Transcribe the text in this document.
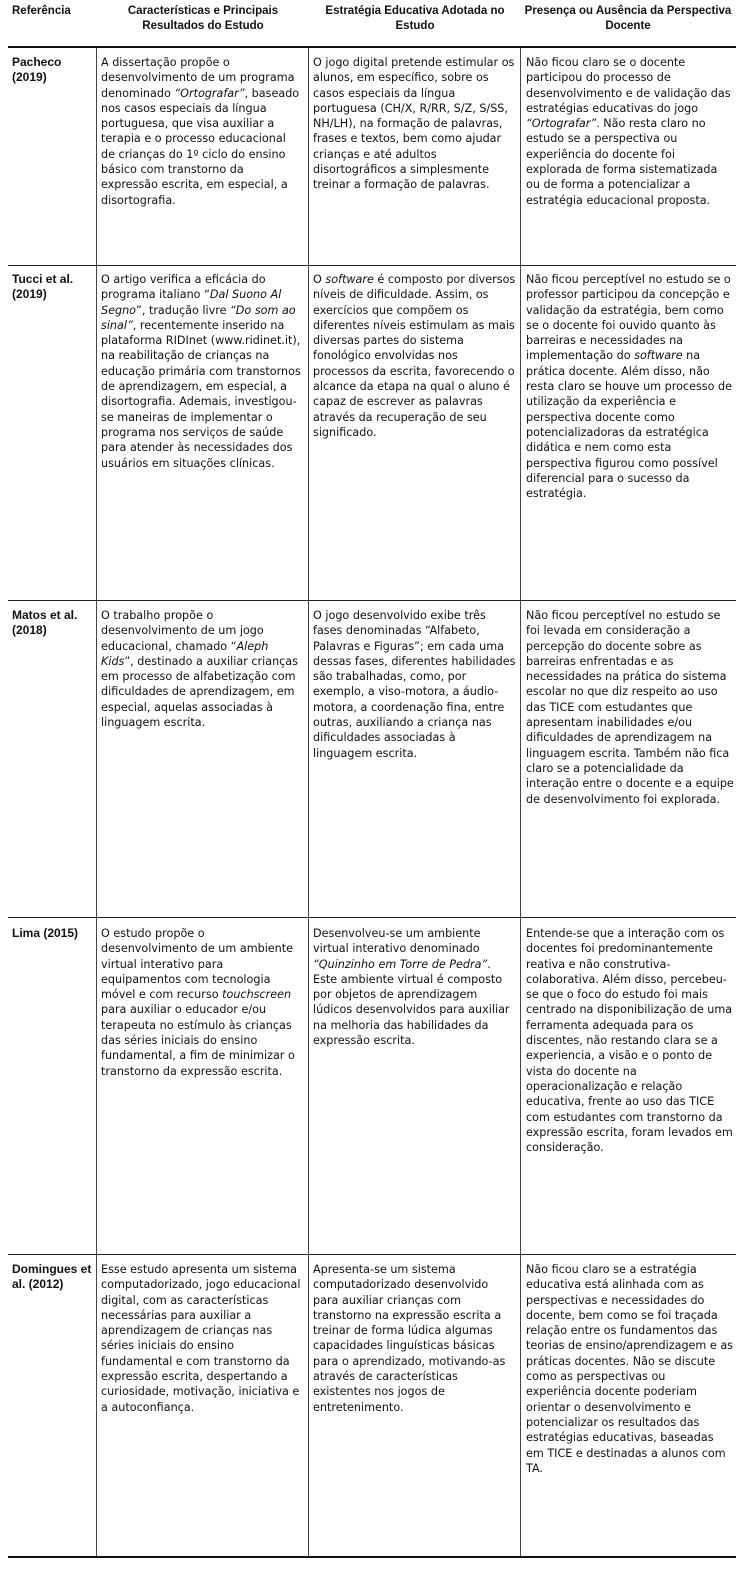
Referência	Características e Principais Resultados do Estudo
Estratégia Educativa Adotada no Estudo
Presença ou Ausência da Perspectiva Docente
Pacheco (2019)
A dissertação propõe o desenvolvimento de um programa denominado “Ortografar”, baseado nos casos especiais da língua portuguesa, que visa auxiliar a terapia e o processo educacional de crianças do 1º ciclo do ensino básico com transtorno da expressão escrita, em especial, a disortografia.
O jogo digital pretende estimular os alunos, em específico, sobre os casos especiais da língua portuguesa (CH/X, R/RR, S/Z, S/SS, NH/LH), na formação de palavras, frases e textos, bem como ajudar crianças e até adultos disortográficos a simplesmente treinar a formação de palavras.
Não ficou claro se o docente participou do processo de desenvolvimento e de validação das estratégias educativas do jogo “Ortografar”. Não resta claro no estudo se a perspectiva ou experiência do docente foi explorada de forma sistematizada ou de forma a potencializar a estratégia educacional proposta.
Tucci et al. (2019)
O artigo verifica a eficácia do programa italiano “Dal Suono Al Segno”, tradução livre “Do som ao sinal”, recentemente inserido na plataforma RIDInet (www.ridinet.it), na reabilitação de crianças na educação primária com transtornos de aprendizagem, em especial, a disortografia. Ademais, investigou-se maneiras de implementar o programa nos serviços de saúde para atender às necessidades dos usuários em situações clínicas.
O software é composto por diversos níveis de dificuldade. Assim, os exercícios que compõem os diferentes níveis estimulam as mais diversas partes do sistema fonológico envolvidas nos processos da escrita, favorecendo o alcance da etapa na qual o aluno é capaz de escrever as palavras através da recuperação de seu significado.
Não ficou perceptível no estudo se o professor participou da concepção e validação da estratégia, bem como se o docente foi ouvido quanto às barreiras e necessidades na implementação do software na prática docente. Além disso, não resta claro se houve um processo de utilização da experiência e perspectiva docente como potencializadoras da estratégica didática e nem como esta perspectiva figurou como possível diferencial para o sucesso da estratégia.
Matos et al. (2018)
O trabalho propõe o desenvolvimento de um jogo educacional, chamado “Aleph Kids”, destinado a auxiliar crianças em processo de alfabetização com dificuldades de aprendizagem, em especial, aquelas associadas à linguagem escrita.
O jogo desenvolvido exibe três fases denominadas “Alfabeto, Palavras e Figuras”; em cada uma dessas fases, diferentes habilidades são trabalhadas, como, por exemplo, a viso-motora, a áudio-motora, a coordenação fina, entre outras, auxiliando a criança nas dificuldades associadas à linguagem escrita.
Não ficou perceptível no estudo se foi levada em consideração a percepção do docente sobre as barreiras enfrentadas e as necessidades na prática do sistema escolar no que diz respeito ao uso das TICE com estudantes que apresentam inabilidades e/ou dificuldades de aprendizagem na linguagem escrita. Também não fica claro se a potencialidade da interação entre o docente e a equipe de desenvolvimento foi explorada.
Lima (2015)	O estudo propõe o desenvolvimento de um ambiente virtual interativo para equipamentos com tecnologia móvel e com recurso touchscreen para auxiliar o educador e/ou terapeuta no estímulo às crianças das séries iniciais do ensino fundamental, a fim de minimizar o transtorno da expressão escrita.
Desenvolveu-se um ambiente virtual interativo denominado “Quinzinho em Torre de Pedra”. Este ambiente virtual é composto por objetos de aprendizagem lúdicos desenvolvidos para auxiliar na melhoria das habilidades da expressão escrita.
Entende-se que a interação com os docentes foi predominantemente reativa e não construtiva-colaborativa. Além disso, percebeu-se que o foco do estudo foi mais centrado na disponibilização de uma ferramenta adequada para os discentes, não restando clara se a experiencia, a visão e o ponto de vista do docente na operacionalização e relação educativa, frente ao uso das TICE com estudantes com transtorno da expressão escrita, foram levados em consideração.
Domingues et al. (2012)
Esse estudo apresenta um sistema computadorizado, jogo educacional digital, com as características necessárias para auxiliar a aprendizagem de crianças nas séries iniciais do ensino fundamental e com transtorno da expressão escrita, despertando a curiosidade, motivação, iniciativa e a autoconfiança.
Apresenta-se um sistema computadorizado desenvolvido para auxiliar crianças com transtorno na expressão escrita a treinar de forma lúdica algumas capacidades linguísticas básicas para o aprendizado, motivando-as através de características existentes nos jogos de entretenimento.
Não ficou claro se a estratégia educativa está alinhada com as perspectivas e necessidades do docente, bem como se foi traçada relação entre os fundamentos das teorias de ensino/aprendizagem e as práticas docentes. Não se discute como as perspectivas ou experiência docente poderiam orientar o desenvolvimento e potencializar os resultados das estratégias educativas, baseadas em TICE e destinadas a alunos com TA.
